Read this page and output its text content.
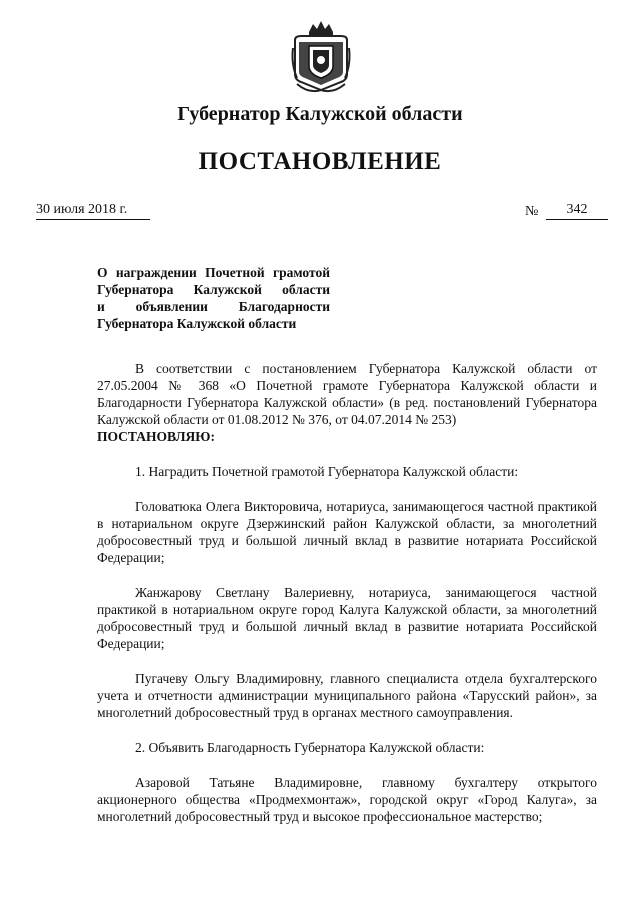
Губернатор Калужской области
ПОСТАНОВЛЕНИЕ
30 июля 2018 г.	№	342
О награждении Почетной грамотой
Губернатора Калужской области
и объявлении Благодарности
Губернатора Калужской области

В соответствии с постановлением Губернатора Калужской области от 27.05.2004 № 368 «О Почетной грамоте Губернатора Калужской области и Благодарности Губернатора Калужской области» (в ред. постановлений Губернатора Калужской области от 01.08.2012 № 376, от 04.07.2014 № 253)

ПОСТАНОВЛЯЮ:

1. Наградить Почетной грамотой Губернатора Калужской области:

Головатюка Олега Викторовича, нотариуса, занимающегося частной практикой в нотариальном округе Дзержинский район Калужской области, за многолетний добросовестный труд и большой личный вклад в развитие нотариата Российской Федерации;

Жанжарову Светлану Валериевну, нотариуса, занимающегося частной практикой в нотариальном округе город Калуга Калужской области, за многолетний добросовестный труд и большой личный вклад в развитие нотариата Российской Федерации;

Пугачеву Ольгу Владимировну, главного специалиста отдела бухгалтерского учета и отчетности администрации муниципального района «Тарусский район», за многолетний добросовестный труд в органах местного самоуправления.

2. Объявить Благодарность Губернатора Калужской области:

Азаровой Татьяне Владимировне, главному бухгалтеру открытого акционерного общества «Продмехмонтаж», городской округ «Город Калуга», за многолетний добросовестный труд и высокое профессиональное мастерство;
